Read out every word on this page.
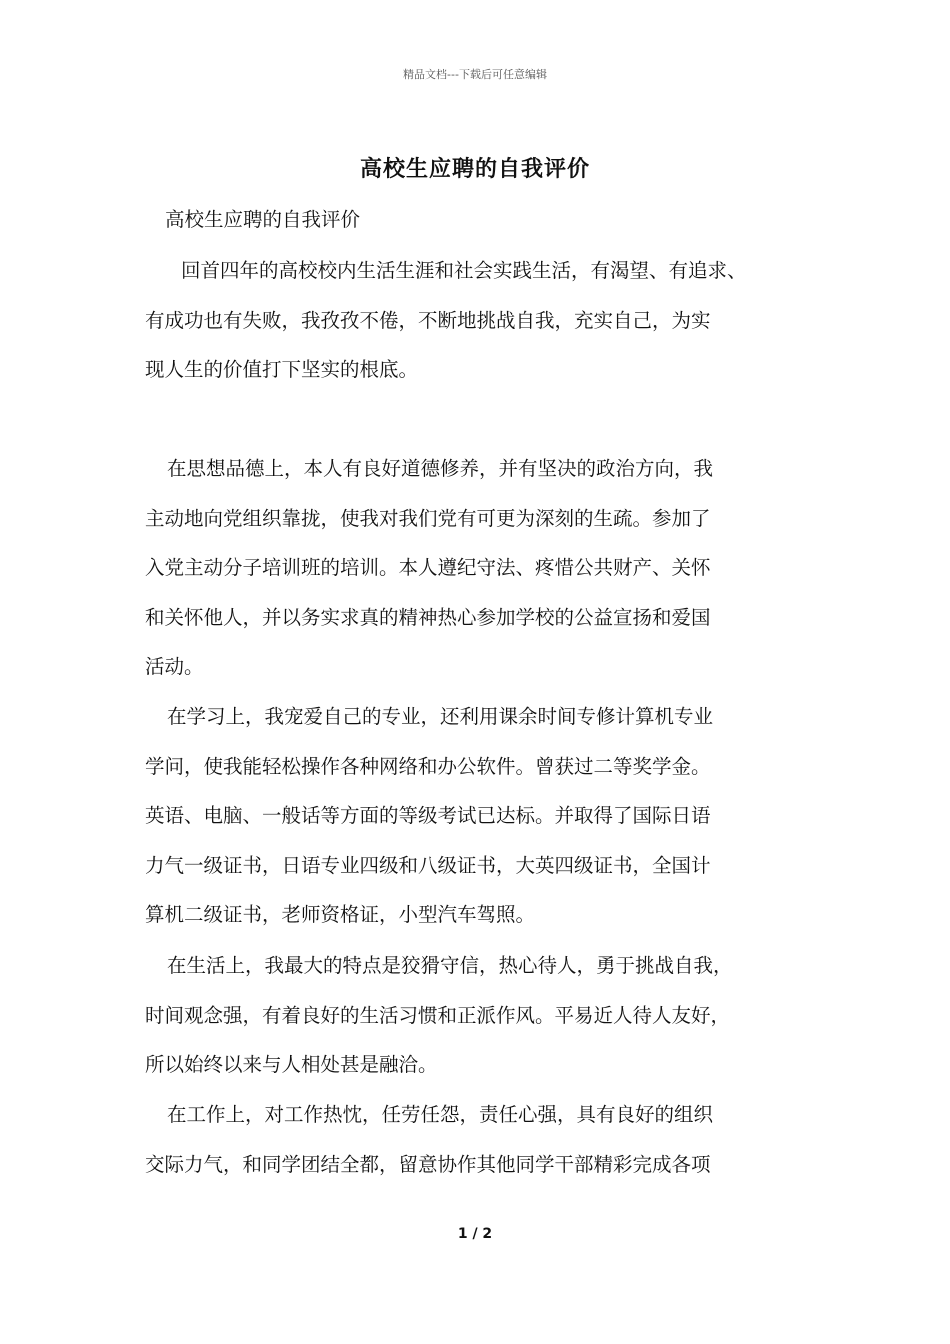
精品文档---下载后可任意编辑
高校生应聘的自我评价
高校生应聘的自我评价
回首四年的高校校内生活生涯和社会实践生活，有渴望、有追求、
有成功也有失败，我孜孜不倦，不断地挑战自我，充实自己，为实
现人生的价值打下坚实的根底。
在思想品德上，本人有良好道德修养，并有坚决的政治方向，我
主动地向党组织靠拢，使我对我们党有可更为深刻的生疏。参加了
入党主动分子培训班的培训。本人遵纪守法、疼惜公共财产、关怀
和关怀他人，并以务实求真的精神热心参加学校的公益宣扬和爱国
活动。
在学习上，我宠爱自己的专业，还利用课余时间专修计算机专业
学问，使我能轻松操作各种网络和办公软件。曾获过二等奖学金。
英语、电脑、一般话等方面的等级考试已达标。并取得了国际日语
力气一级证书，日语专业四级和八级证书，大英四级证书，全国计
算机二级证书，老师资格证，小型汽车驾照。
在生活上，我最大的特点是狡猾守信，热心待人，勇于挑战自我，
时间观念强，有着良好的生活习惯和正派作风。平易近人待人友好，
所以始终以来与人相处甚是融洽。
在工作上，对工作热忱，任劳任怨，责任心强，具有良好的组织
交际力气，和同学团结全都，留意协作其他同学干部精彩完成各项
1 / 2
